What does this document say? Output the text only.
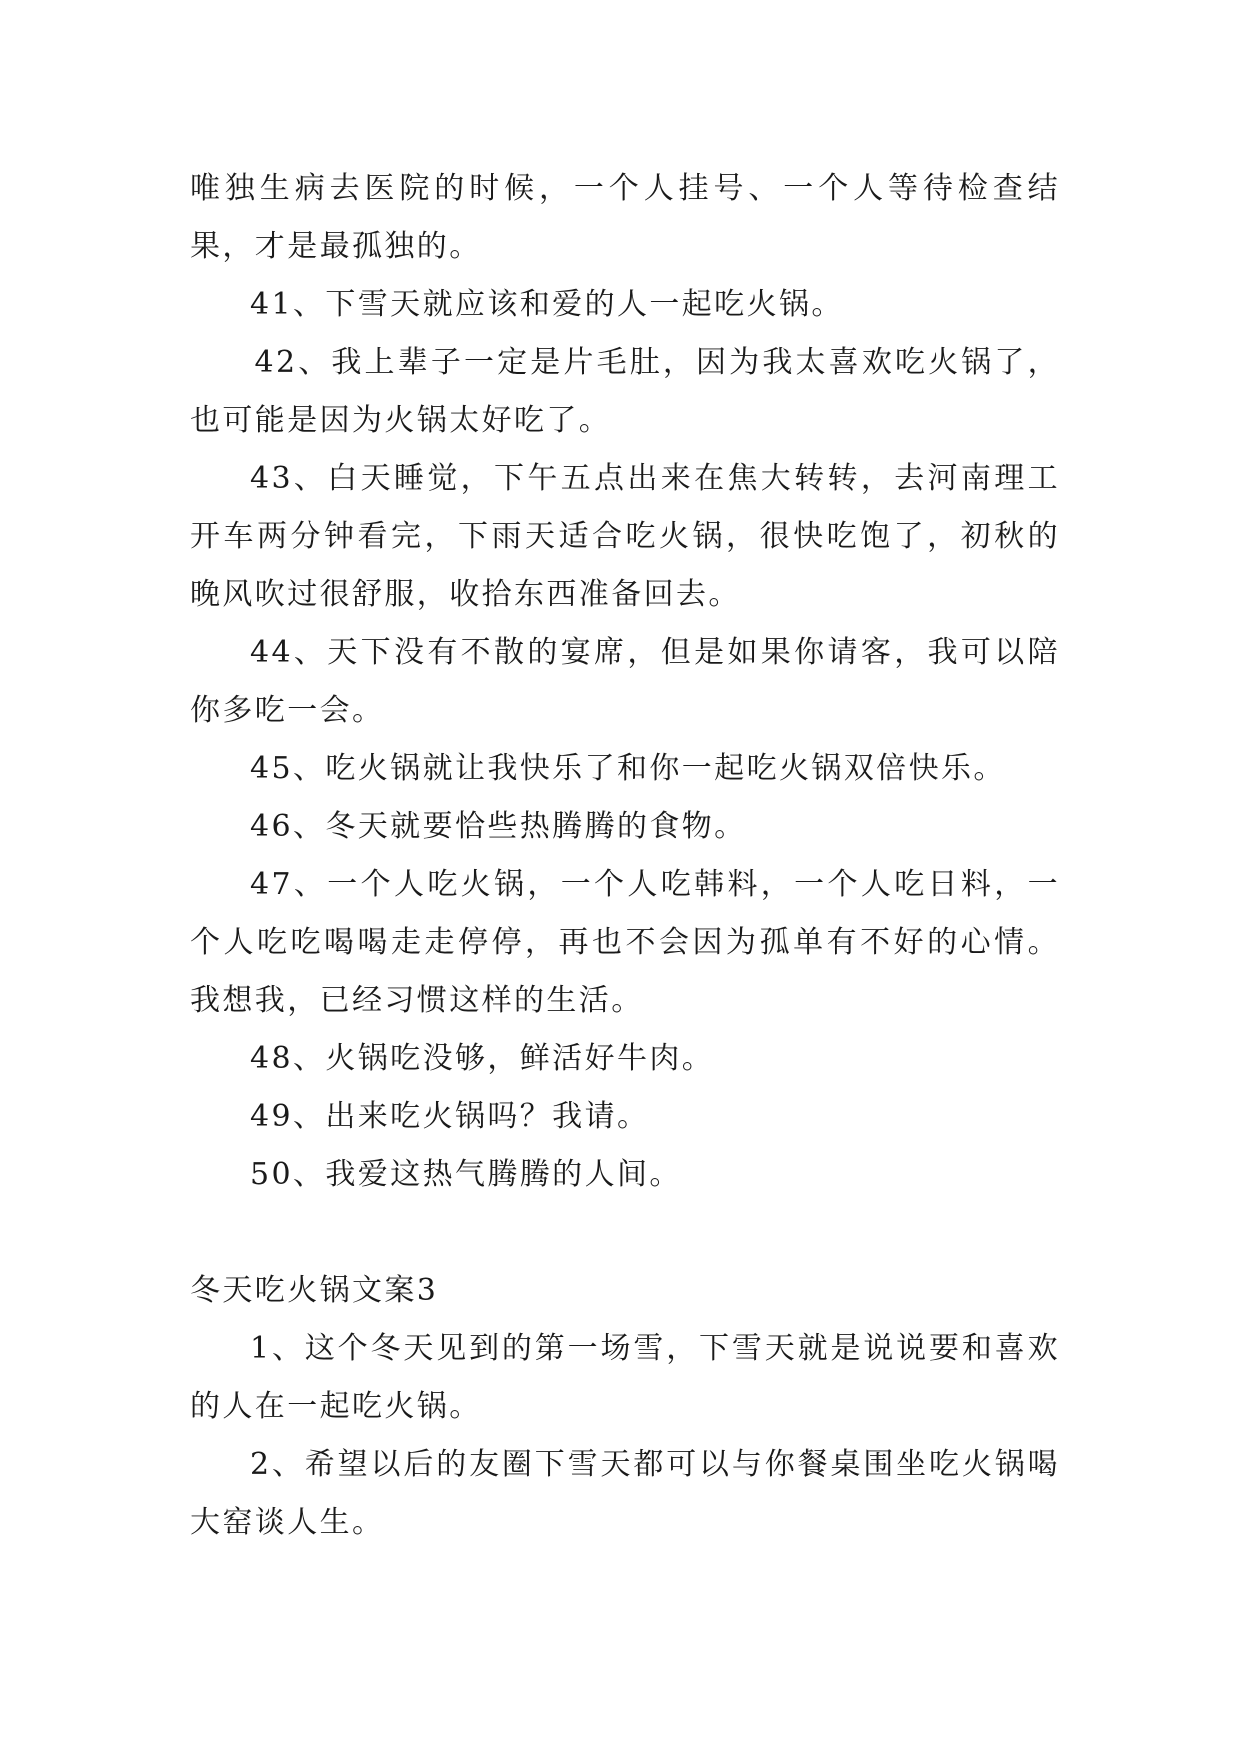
唯独生病去医院的时候，一个人挂号、一个人等待检查结果，才是最孤独的。

41、下雪天就应该和爱的人一起吃火锅。

42、我上辈子一定是片毛肚，因为我太喜欢吃火锅了，也可能是因为火锅太好吃了。

43、白天睡觉，下午五点出来在焦大转转，去河南理工开车两分钟看完，下雨天适合吃火锅，很快吃饱了，初秋的晚风吹过很舒服，收拾东西准备回去。

44、天下没有不散的宴席，但是如果你请客，我可以陪你多吃一会。

45、吃火锅就让我快乐了和你一起吃火锅双倍快乐。

46、冬天就要恰些热腾腾的食物。

47、一个人吃火锅，一个人吃韩料，一个人吃日料，一个人吃吃喝喝走走停停，再也不会因为孤单有不好的心情。我想我，已经习惯这样的生活。

48、火锅吃没够，鲜活好牛肉。

49、出来吃火锅吗？我请。

50、我爱这热气腾腾的人间。

冬天吃火锅文案3

1、这个冬天见到的第一场雪，下雪天就是说说要和喜欢的人在一起吃火锅。

2、希望以后的友圈下雪天都可以与你餐桌围坐吃火锅喝大窑谈人生。
